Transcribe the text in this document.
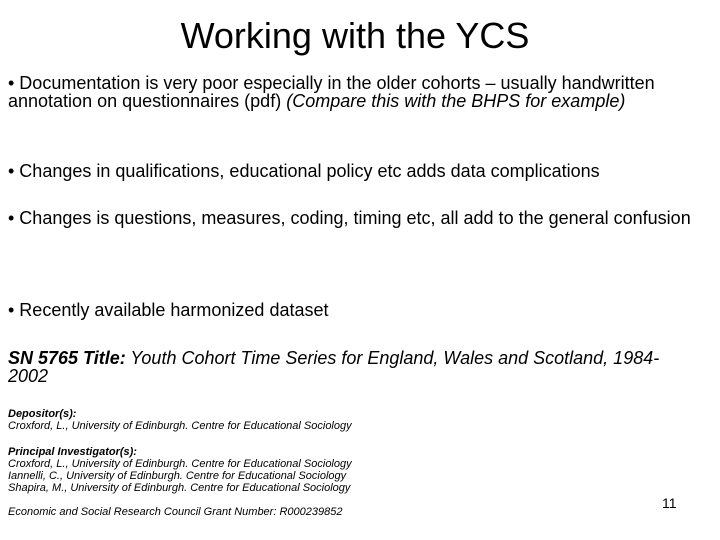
Working with the YCS

• Documentation is very poor especially in the older cohorts – usually handwritten annotation on questionnaires (pdf) (Compare this with the BHPS for example)

• Changes in qualifications, educational policy etc adds data complications

• Changes is questions, measures, coding, timing etc, all add to the general confusion

• Recently available harmonized dataset

SN 5765 Title: Youth Cohort Time Series for England, Wales and Scotland, 1984-2002

Depositor(s):
Croxford, L., University of Edinburgh. Centre for Educational Sociology
Principal Investigator(s):
Croxford, L., University of Edinburgh. Centre for Educational Sociology
Iannelli, C., University of Edinburgh. Centre for Educational Sociology
Shapira, M., University of Edinburgh. Centre for Educational Sociology
Economic and Social Research Council Grant Number: R000239852
11
